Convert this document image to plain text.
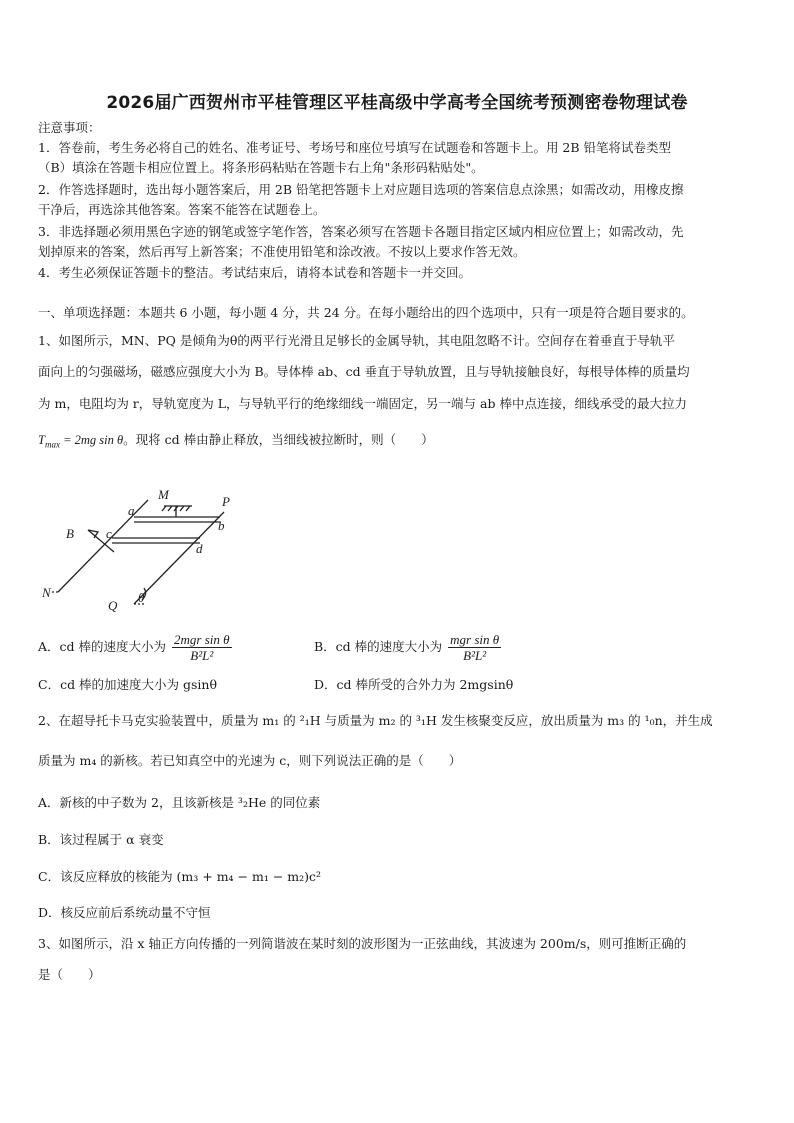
2026届广西贺州市平桂管理区平桂高级中学高考全国统考预测密卷物理试卷
注意事项：
1．答卷前，考生务必将自己的姓名、准考证号、考场号和座位号填写在试题卷和答题卡上。用 2B 铅笔将试卷类型
（B）填涂在答题卡相应位置上。将条形码粘贴在答题卡右上角"条形码粘贴处"。
2．作答选择题时，选出每小题答案后，用 2B 铅笔把答题卡上对应题目选项的答案信息点涂黑；如需改动，用橡皮擦
干净后，再选涂其他答案。答案不能答在试题卷上。
3．非选择题必须用黑色字迹的钢笔或签字笔作答，答案必须写在答题卡各题目指定区域内相应位置上；如需改动，先
划掉原来的答案，然后再写上新答案；不准使用铅笔和涂改液。不按以上要求作答无效。
4．考生必须保证答题卡的整洁。考试结束后，请将本试卷和答题卡一并交回。
一、单项选择题：本题共 6 小题，每小题 4 分，共 24 分。在每小题给出的四个选项中，只有一项是符合题目要求的。
1、如图所示，MN、PQ 是倾角为θ的两平行光滑且足够长的金属导轨，其电阻忽略不计。空间存在着垂直于导轨平
面向上的匀强磁场，磁感应强度大小为 B。导体棒 ab、cd 垂直于导轨放置，且与导轨接触良好，每根导体棒的质量均
为 m，电阻均为 r，导轨宽度为 L，与导轨平行的绝缘细线一端固定，另一端与 ab 棒中点连接，细线承受的最大拉力
$T_{max} = 2mg$ sin θ。现将 cd 棒由静止释放，当细线被拉断时，则（　　）
M	P
a
b
c
d
B
N
Q
θ
A．cd 棒的速度大小为 $\frac{\text{2mgr sin θ}}{\text{B²L²}}$	B．cd 棒的速度大小为 $\frac{\text{mgr sin θ}}{\text{B²L²}}$
C．cd 棒的加速度大小为 gsinθ	D．cd 棒所受的合外力为 2mgsinθ
2、在超导托卡马克实验装置中，质量为 m₁ 的 ²₁H 与质量为 m₂ 的 ³₁H 发生核聚变反应，放出质量为 m₃ 的 ¹₀n，并生成
质量为 m₄ 的新核。若已知真空中的光速为 c，则下列说法正确的是（　　）
A．新核的中子数为 2，且该新核是 ³₂He 的同位素
B．该过程属于 α 衰变
C．该反应释放的核能为 (m₃ + m₄ − m₁ − m₂)c²
D．核反应前后系统动量不守恒
3、如图所示，沿 x 轴正方向传播的一列简谐波在某时刻的波形图为一正弦曲线，其波速为 200m/s，则可推断正确的
是（　　）
